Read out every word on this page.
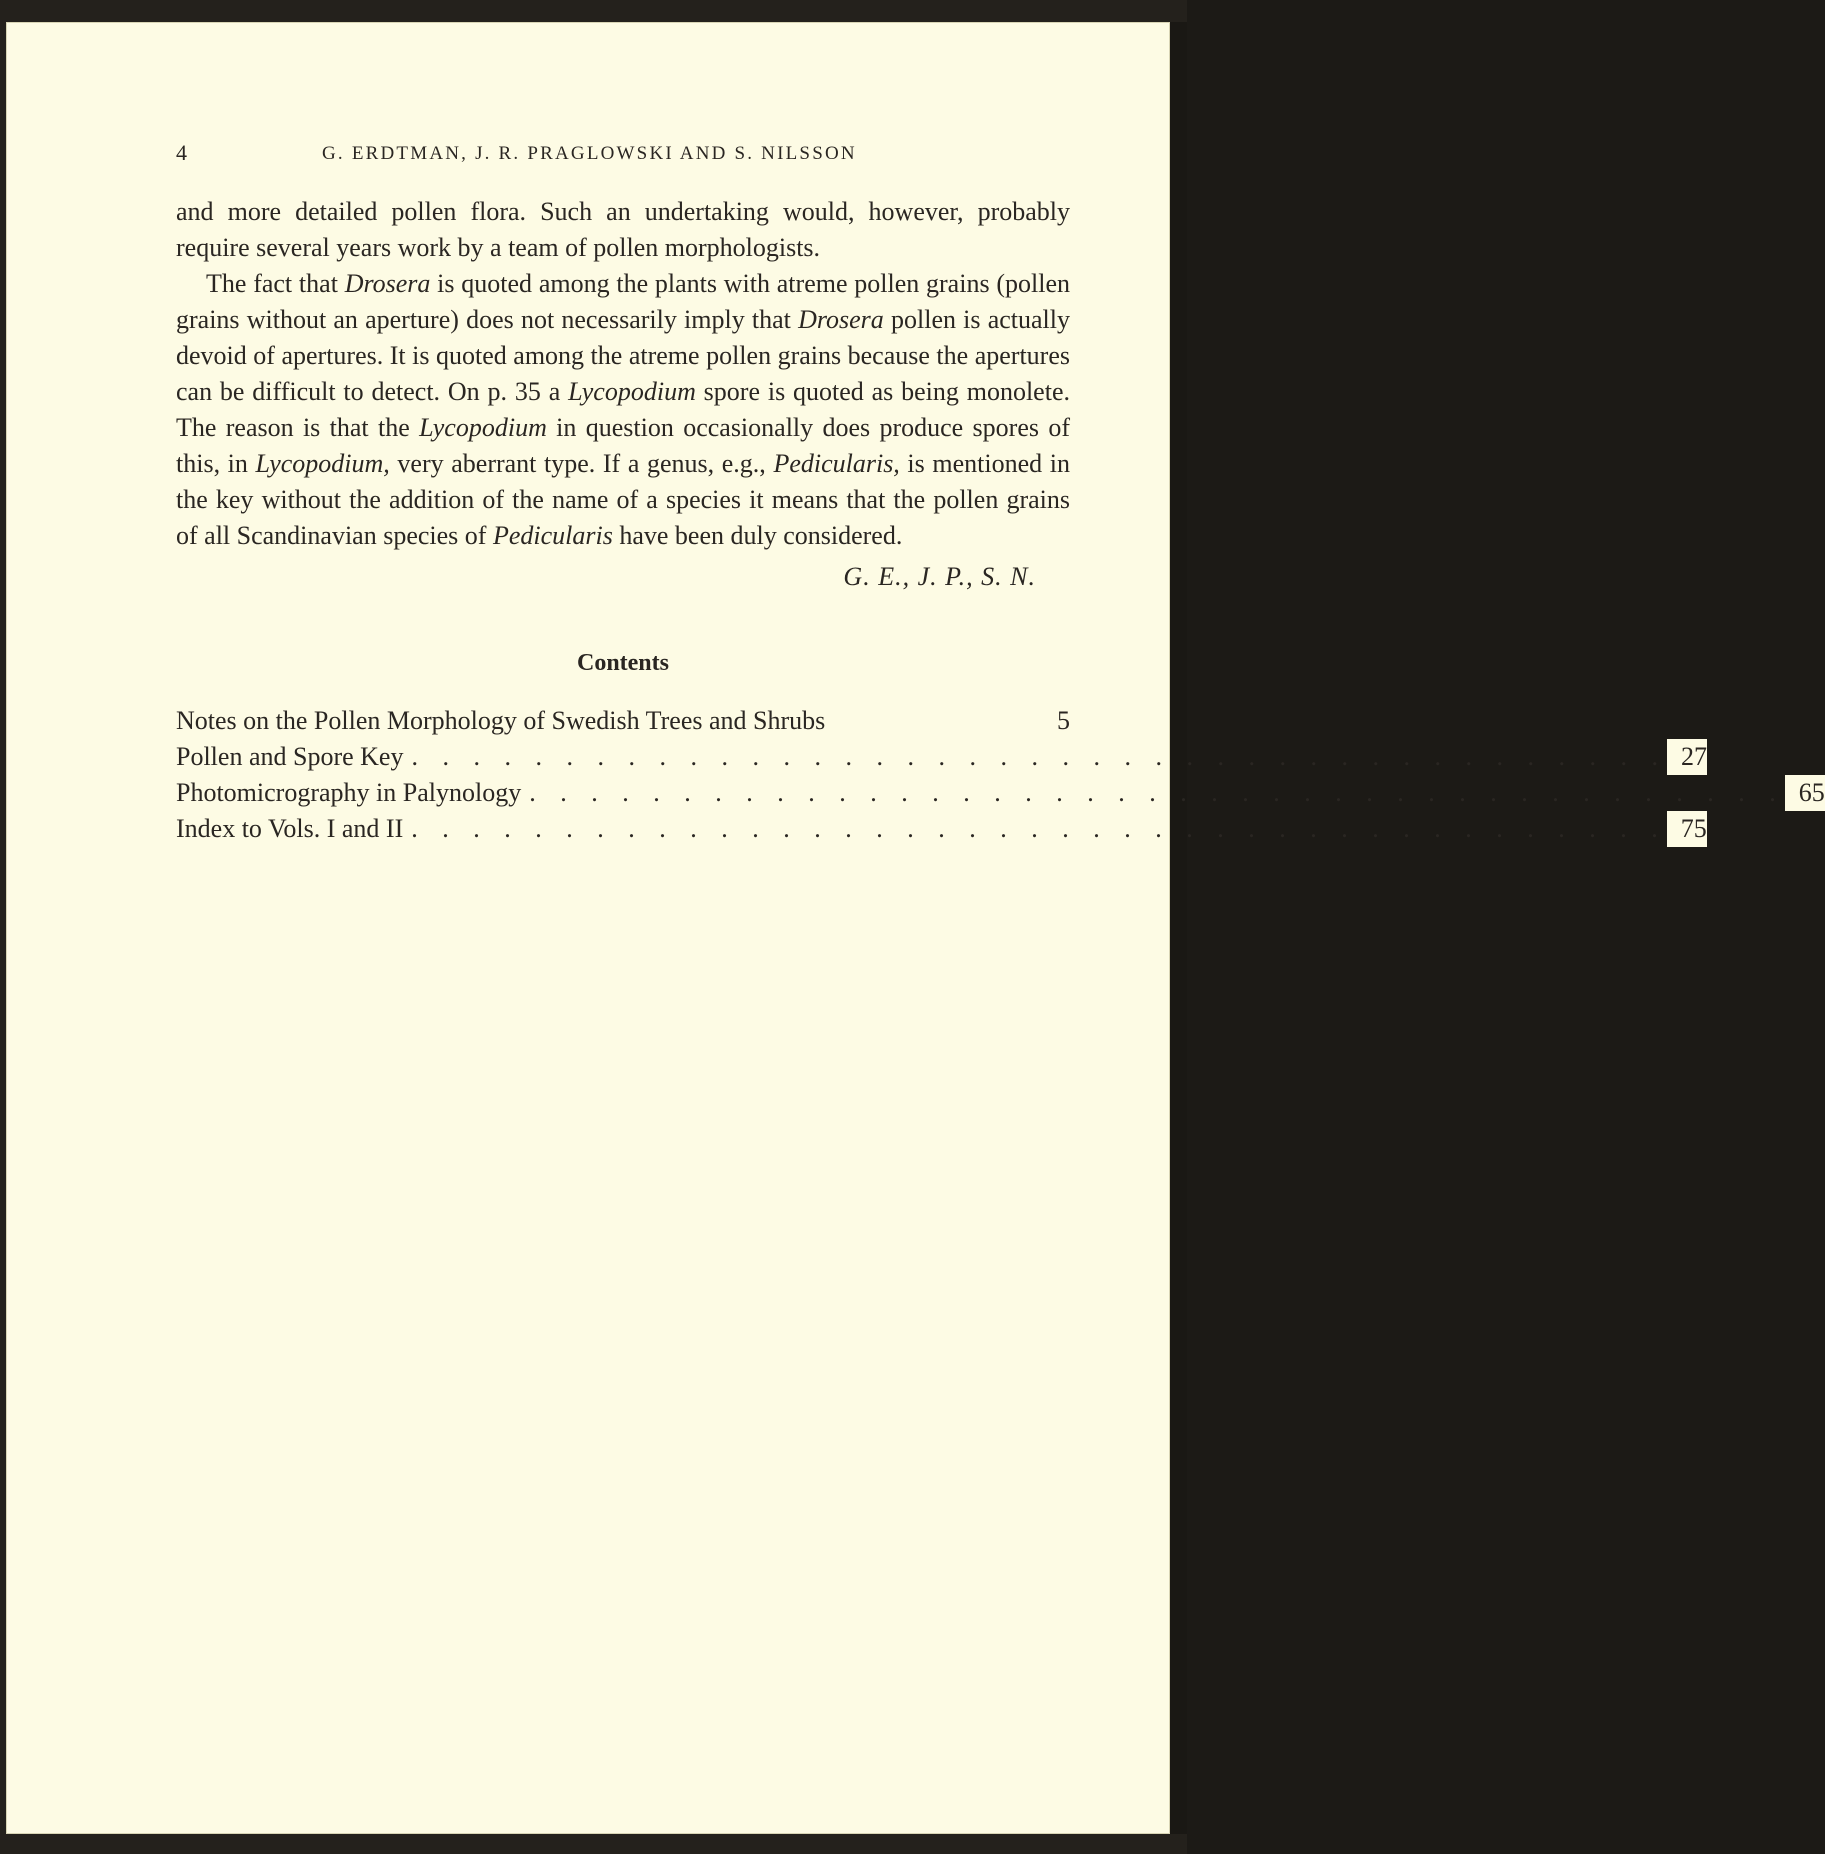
4	G. ERDTMAN, J. R. PRAGLOWSKI AND S. NILSSON

and more detailed pollen flora. Such an undertaking would, however, probably require several years work by a team of pollen morphologists.

The fact that Drosera is quoted among the plants with atreme pollen grains (pollen grains without an aperture) does not necessarily imply that Drosera pollen is actually devoid of apertures. It is quoted among the atreme pollen grains because the apertures can be difficult to detect. On p. 35 a Lycopodium spore is quoted as being monolete. The reason is that the Lycopodium in question occasionally does produce spores of this, in Lycopodium, very aberrant type. If a genus, e.g., Pedicularis, is mentioned in the key without the addition of the name of a species it means that the pollen grains of all Scandinavian species of Pedicularis have been duly considered.

G. E., J. P., S. N.
Contents
Notes on the Pollen Morphology of Swedish Trees and Shrubs	5
Pollen and Spore Key . . . . . . . . . . . . . . . . . . . . . . . . . . . . . . . . . . . . . . . . . 27
Photomicrography in Palynology . . . . . . . . . . . . . . . . . . . . . . . . . . . . . . . . . . . . . . . . . 65
Index to Vols. I and II . . . . . . . . . . . . . . . . . . . . . . . . . . . . . . . . . . . . . . . . . 75
